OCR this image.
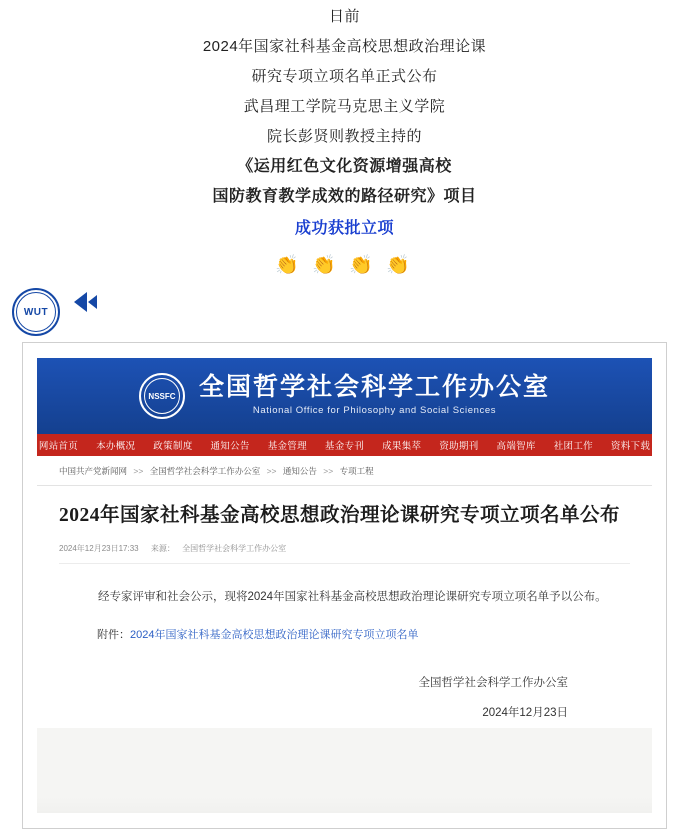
日前
2024年国家社科基金高校思想政治理论课
研究专项立项名单正式公布
武昌理工学院马克思主义学院
院长彭贤则教授主持的
《运用红色文化资源增强高校
国防教育教学成效的路径研究》项目
成功获批立项
👏 👏 👏 👏
WUT
NSSFC 全国哲学社会科学工作办公室
National Office for Philosophy and Social Sciences
网站首页 本办概况 政策制度 通知公告 基金管理 基金专刊 成果集萃 资助期刊 高端智库 社团工作 资料下载
中国共产党新闻网 >> 全国哲学社会科学工作办公室 >> 通知公告 >> 专项工程
2024年国家社科基金高校思想政治理论课研究专项立项名单公布
2024年12月23日17:33 来源： 全国哲学社会科学工作办公室
经专家评审和社会公示，现将2024年国家社科基金高校思想政治理论课研究专项立项名单予以公布。
附件：2024年国家社科基金高校思想政治理论课研究专项立项名单
全国哲学社会科学工作办公室
2024年12月23日
